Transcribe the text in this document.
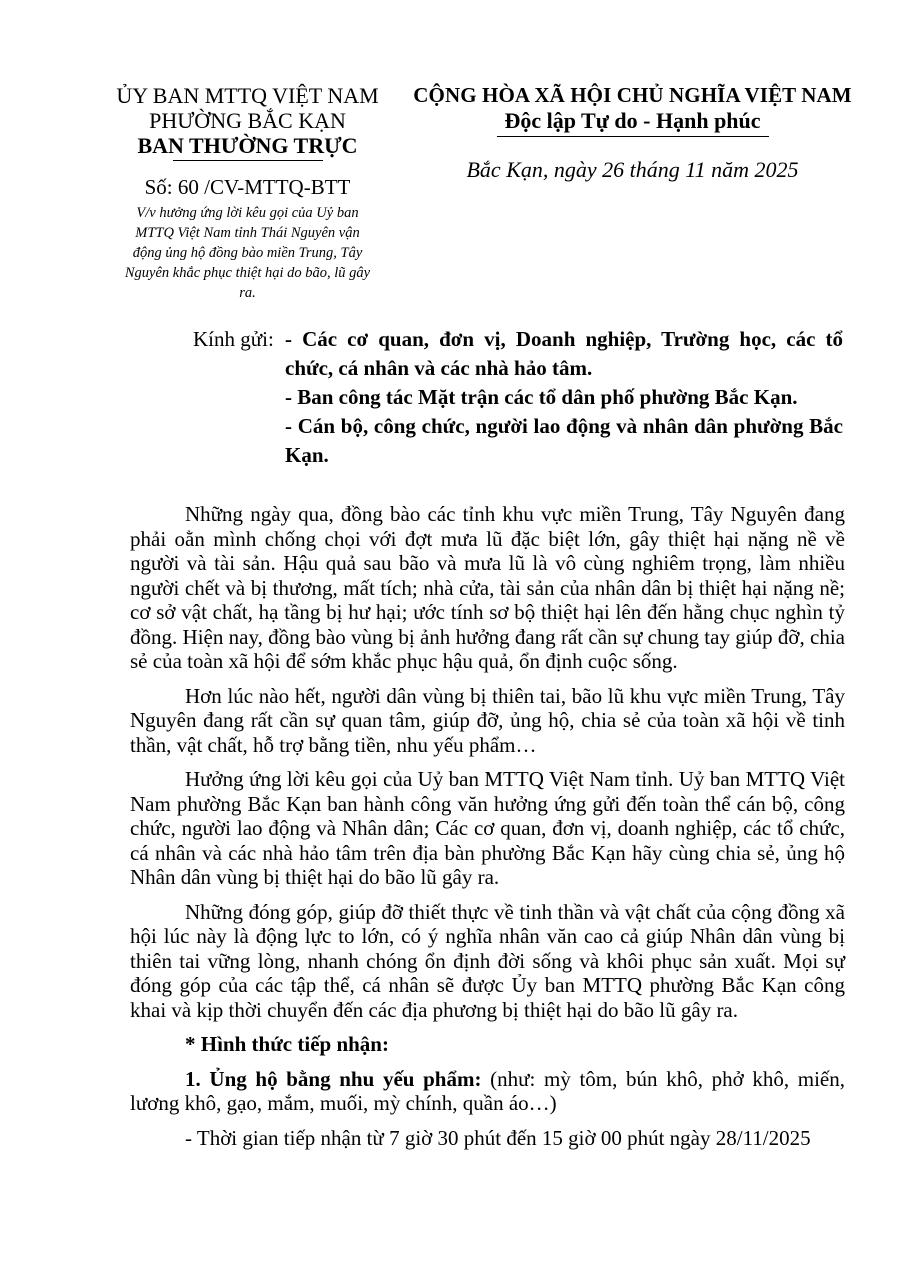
ỦY BAN MTTQ VIỆT NAM
PHƯỜNG BẮC KẠN
BAN THƯỜNG TRỰC
Số: 60 /CV-MTTQ-BTT
V/v hưởng ứng lời kêu gọi của Uỷ ban MTTQ Việt Nam tỉnh Thái Nguyên vận động ủng hộ đồng bào miền Trung, Tây Nguyên khắc phục thiệt hại do bão, lũ gây ra.
CỘNG HÒA XÃ HỘI CHỦ NGHĨA VIỆT NAM
Độc lập Tự do - Hạnh phúc
Bắc Kạn, ngày 26 tháng 11 năm 2025
Kính gửi: - Các cơ quan, đơn vị, Doanh nghiệp, Trường học, các tổ chức, cá nhân và các nhà hảo tâm.
- Ban công tác Mặt trận các tổ dân phố phường Bắc Kạn.
- Cán bộ, công chức, người lao động và nhân dân phường Bắc Kạn.

Những ngày qua, đồng bào các tỉnh khu vực miền Trung, Tây Nguyên đang phải oằn mình chống chọi với đợt mưa lũ đặc biệt lớn, gây thiệt hại nặng nề về người và tài sản. Hậu quả sau bão và mưa lũ là vô cùng nghiêm trọng, làm nhiều người chết và bị thương, mất tích; nhà cửa, tài sản của nhân dân bị thiệt hại nặng nề; cơ sở vật chất, hạ tầng bị hư hại; ước tính sơ bộ thiệt hại lên đến hằng chục nghìn tỷ đồng. Hiện nay, đồng bào vùng bị ảnh hưởng đang rất cần sự chung tay giúp đỡ, chia sẻ của toàn xã hội để sớm khắc phục hậu quả, ổn định cuộc sống.

Hơn lúc nào hết, người dân vùng bị thiên tai, bão lũ khu vực miền Trung, Tây Nguyên đang rất cần sự quan tâm, giúp đỡ, ủng hộ, chia sẻ của toàn xã hội về tinh thần, vật chất, hỗ trợ bằng tiền, nhu yếu phẩm…

Hưởng ứng lời kêu gọi của Uỷ ban MTTQ Việt Nam tỉnh. Uỷ ban MTTQ Việt Nam phường Bắc Kạn ban hành công văn hưởng ứng gửi đến toàn thể cán bộ, công chức, người lao động và Nhân dân; Các cơ quan, đơn vị, doanh nghiệp, các tổ chức, cá nhân và các nhà hảo tâm trên địa bàn phường Bắc Kạn hãy cùng chia sẻ, ủng hộ Nhân dân vùng bị thiệt hại do bão lũ gây ra.

Những đóng góp, giúp đỡ thiết thực về tinh thần và vật chất của cộng đồng xã hội lúc này là động lực to lớn, có ý nghĩa nhân văn cao cả giúp Nhân dân vùng bị thiên tai vững lòng, nhanh chóng ổn định đời sống và khôi phục sản xuất. Mọi sự đóng góp của các tập thể, cá nhân sẽ được Ủy ban MTTQ phường Bắc Kạn công khai và kịp thời chuyển đến các địa phương bị thiệt hại do bão lũ gây ra.

* Hình thức tiếp nhận:

1. Ủng hộ bằng nhu yếu phẩm: (như: mỳ tôm, bún khô, phở khô, miến, lương khô, gạo, mắm, muối, mỳ chính, quần áo…)

- Thời gian tiếp nhận từ 7 giờ 30 phút đến 15 giờ 00 phút ngày 28/11/2025
